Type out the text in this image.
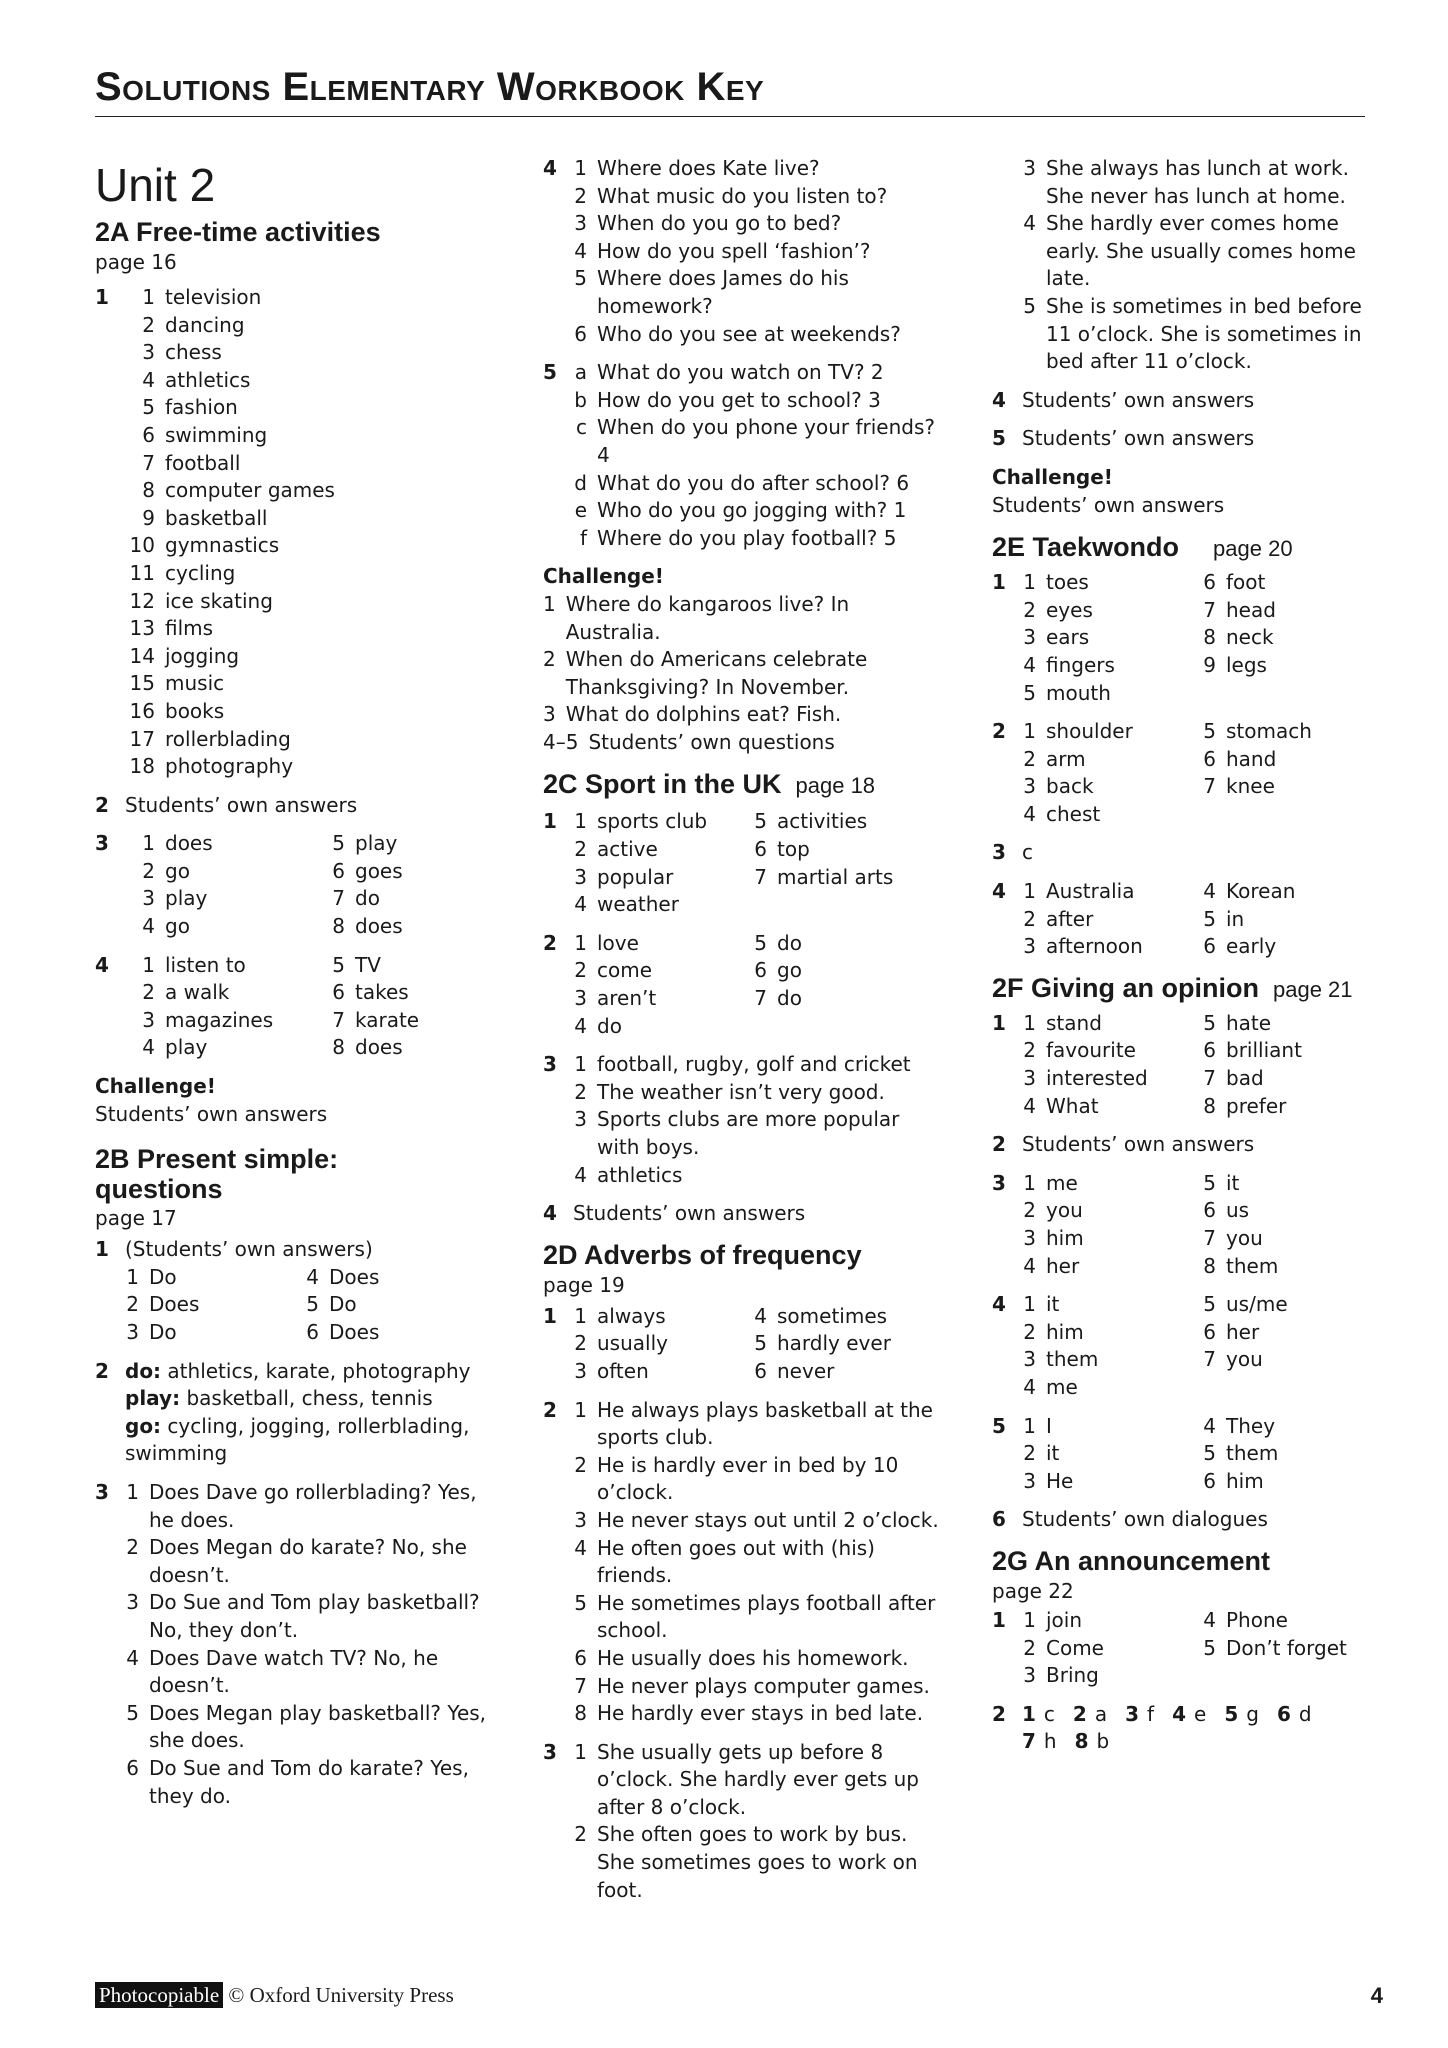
Solutions Elementary Workbook Key
Unit 2
2A Free-time activities
page 16
1	1 television
2 dancing
3 chess
4 athletics
5 fashion
6 swimming
7 football
8 computer games
9 basketball
10 gymnastics
11 cycling
12 ice skating
13 films
14 jogging
15 music
16 books
17 rollerblading
18 photography
2 Students’ own answers
3	1 does	5 play
2 go	6 goes
3 play	7 do
4 go	8 does
4	1 listen to	5 TV
2 a walk	6 takes
3 magazines	7 karate
4 play	8 does
Challenge!
Students’ own answers
2B Present simple:
questions
page 17
1 (Students’ own answers)
1 Do	4 Does
2 Does	5 Do
3 Do	6 Does
2 do: athletics, karate, photography
play: basketball, chess, tennis
go: cycling, jogging, rollerblading, swimming
3 1 Does Dave go rollerblading? Yes, he does.
2 Does Megan do karate? No, she doesn’t.
3 Do Sue and Tom play basketball? No, they don’t.
4 Does Dave watch TV? No, he doesn’t.
5 Does Megan play basketball? Yes, she does.
6 Do Sue and Tom do karate? Yes, they do.
4 1 Where does Kate live?
2 What music do you listen to?
3 When do you go to bed?
4 How do you spell ‘fashion’?
5 Where does James do his homework?
6 Who do you see at weekends?
5 a What do you watch on TV? 2
b How do you get to school? 3
c When do you phone your friends? 4
d What do you do after school? 6
e Who do you go jogging with? 1
f Where do you play football? 5
Challenge!
1 Where do kangaroos live? In Australia.
2 When do Americans celebrate Thanksgiving? In November.
3 What do dolphins eat? Fish.
4–5 Students’ own questions
2C Sport in the UK page 18
1 1 sports club	5 activities
2 active	6 top
3 popular	7 martial arts
4 weather
2 1 love	5 do
2 come	6 go
3 aren’t	7 do
4 do
3 1 football, rugby, golf and cricket
2 The weather isn’t very good.
3 Sports clubs are more popular with boys.
4 athletics
4 Students’ own answers
2D Adverbs of frequency
page 19
1 1 always	4 sometimes
2 usually	5 hardly ever
3 often	6 never
2 1 He always plays basketball at the sports club.
2 He is hardly ever in bed by 10 o’clock.
3 He never stays out until 2 o’clock.
4 He often goes out with (his) friends.
5 He sometimes plays football after school.
6 He usually does his homework.
7 He never plays computer games.
8 He hardly ever stays in bed late.
3 1 She usually gets up before 8 o’clock. She hardly ever gets up after 8 o’clock.
2 She often goes to work by bus. She sometimes goes to work on foot.
3 She always has lunch at work. She never has lunch at home.
4 She hardly ever comes home early. She usually comes home late.
5 She is sometimes in bed before 11 o’clock. She is sometimes in bed after 11 o’clock.
4 Students’ own answers
5 Students’ own answers
Challenge!
Students’ own answers
2E Taekwondo page 20
1 1 toes	6 foot
2 eyes	7 head
3 ears	8 neck
4 fingers	9 legs
5 mouth
2 1 shoulder	5 stomach
2 arm	6 hand
3 back	7 knee
4 chest
3 c
4 1 Australia	4 Korean
2 after	5 in
3 afternoon	6 early
2F Giving an opinion page 21
1 1 stand	5 hate
2 favourite	6 brilliant
3 interested	7 bad
4 What	8 prefer
2 Students’ own answers
3 1 me	5 it
2 you	6 us
3 him	7 you
4 her	8 them
4 1 it	5 us/me
2 him	6 her
3 them	7 you
4 me
5 1 I	4 They
2 it	5 them
3 He	6 him
6 Students’ own dialogues
2G An announcement
page 22
1 1 join	4 Phone
2 Come	5 Don’t forget
3 Bring
2 1 c 2 a 3 f 4 e 5 g 6 d
7 h 8 b
Photocopiable © Oxford University Press	4
